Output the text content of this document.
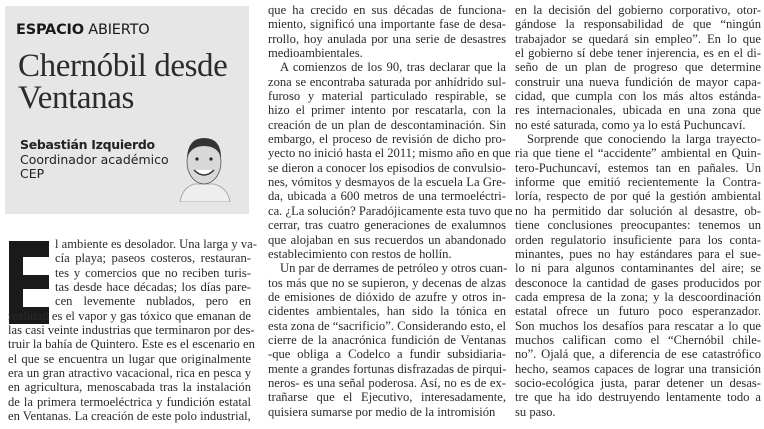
ESPACIO ABIERTO
Chernóbil desde
Ventanas
Sebastián Izquierdo
Coordinador académico
CEP
l ambiente es desolador. Una larga y va-
cía playa; paseos costeros, restauran-
tes y comercios que no reciben turis-
tas desde hace décadas; los días pare-
cen levemente nublados, pero en
realidad es el vapor y gas tóxico que emanan de
las casi veinte industrias que terminaron por des-
truir la bahía de Quintero. Este es el escenario en
el que se encuentra un lugar que originalmente
era un gran atractivo vacacional, rica en pesca y
en agricultura, menoscabada tras la instalación
de la primera termoeléctrica y fundición estatal
en Ventanas. La creación de este polo industrial,
que ha crecido en sus décadas de funciona-
miento, significó una importante fase de desa-
rrollo, hoy anulada por una serie de desastres
medioambientales.
A comienzos de los 90, tras declarar que la
zona se encontraba saturada por anhídrido sul-
furoso y material particulado respirable, se
hizo el primer intento por rescatarla, con la
creación de un plan de descontaminación. Sin
embargo, el proceso de revisión de dicho pro-
yecto no inició hasta el 2011; mismo año en que
se dieron a conocer los episodios de convulsio-
nes, vómitos y desmayos de la escuela La Gre-
da, ubicada a 600 metros de una termoeléctri-
ca. ¿La solución? Paradójicamente esta tuvo que
cerrar, tras cuatro generaciones de exalumnos
que alojaban en sus recuerdos un abandonado
establecimiento con restos de hollín.
Un par de derrames de petróleo y otros cuan-
tos más que no se supieron, y decenas de alzas
de emisiones de dióxido de azufre y otros in-
cidentes ambientales, han sido la tónica en
esta zona de “sacrificio”. Considerando esto, el
cierre de la anacrónica fundición de Ventanas
-que obliga a Codelco a fundir subsidiaria-
mente a grandes fortunas disfrazadas de pirqui-
neros- es una señal poderosa. Así, no es de ex-
trañarse que el Ejecutivo, interesadamente,
quisiera sumarse por medio de la intromisión
en la decisión del gobierno corporativo, otor-
gándose la responsabilidad de que “ningún
trabajador se quedará sin empleo”. En lo que
el gobierno sí debe tener injerencia, es en el di-
seño de un plan de progreso que determine
construir una nueva fundición de mayor capa-
cidad, que cumpla con los más altos estánda-
res internacionales, ubicada en una zona que
no esté saturada, como ya lo está Puchuncaví.
Sorprende que conociendo la larga trayecto-
ria que tiene el “accidente” ambiental en Quin-
tero-Puchuncaví, estemos tan en pañales. Un
informe que emitió recientemente la Contra-
loría, respecto de por qué la gestión ambiental
no ha permitido dar solución al desastre, ob-
tiene conclusiones preocupantes: tenemos un
orden regulatorio insuficiente para los conta-
minantes, pues no hay estándares para el sue-
lo ni para algunos contaminantes del aire; se
desconoce la cantidad de gases producidos por
cada empresa de la zona; y la descoordinación
estatal ofrece un futuro poco esperanzador.
Son muchos los desafíos para rescatar a lo que
muchos califican como el “Chernóbil chile-
no”. Ojalá que, a diferencia de ese catastrófico
hecho, seamos capaces de lograr una transición
socio-ecológica justa, parar detener un desas-
tre que ha ido destruyendo lentamente todo a
su paso.
